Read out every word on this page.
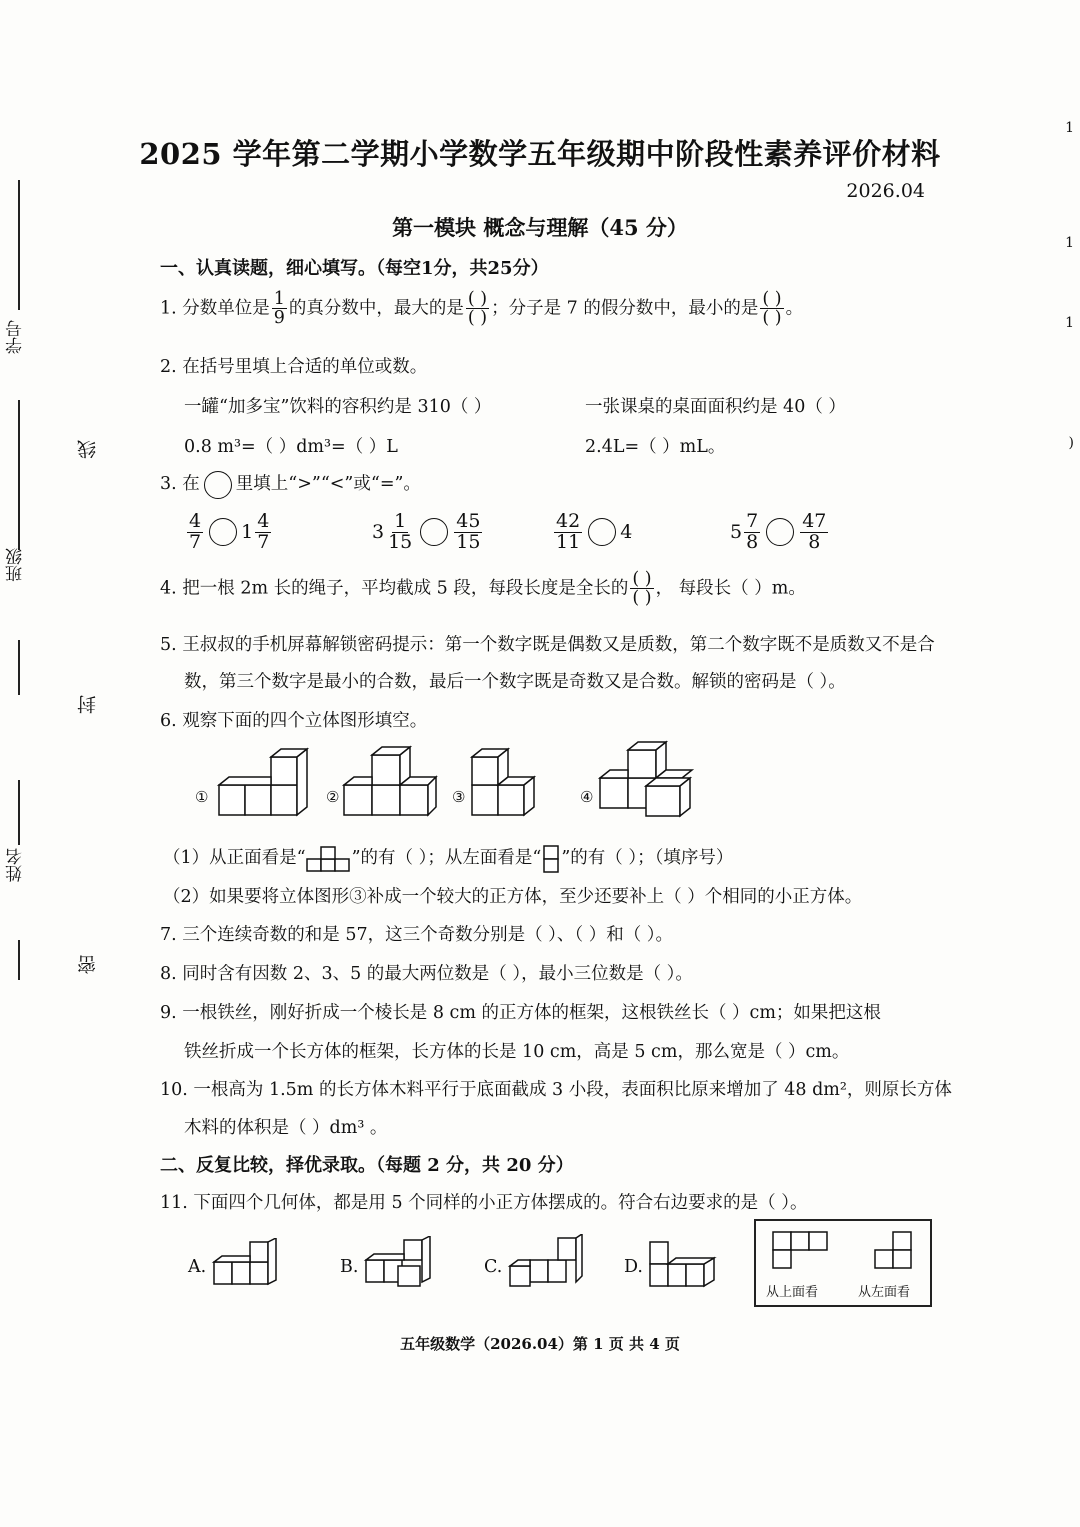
学号
班级
姓名
线
封
密
1
1
1
)
2025 学年第二学期小学数学五年级期中阶段性素养评价材料
2026.04
第一模块 概念与理解（45 分）
一、认真读题，细心填写。（每空1分，共25分）
1. 分数单位是 $\frac{1}{9}$ 的真分数中，最大的是 $\frac{( )}{( )}$ ；分子是 7 的假分数中，最小的是 $\frac{( )}{( )}$ 。
2. 在括号里填上合适的单位或数。
一罐“加多宝”饮料的容积约是 310（ ）	一张课桌的桌面面积约是 40（ ）
0.8 m³=（ ）dm³=（ ）L	2.4L=（ ）mL。
3. 在 里填上“>”“<”或“=”。
$\frac{4}{7} 1 \frac{4}{7}$	$3 \frac{1}{15} \frac{45}{15}$	$\frac{42}{11} 4$	$5 \frac{7}{8} \frac{47}{8}$
4. 把一根 2m 长的绳子，平均截成 5 段，每段长度是全长的 $\frac{( )}{( )}$ ， 每段长（ ）m。
5. 王叔叔的手机屏幕解锁密码提示：第一个数字既是偶数又是质数，第二个数字既不是质数又不是合
数，第三个数字是最小的合数，最后一个数字既是奇数又是合数。解锁的密码是（ ）。
6. 观察下面的四个立体图形填空。
①	②	③	④
（1）从正面看是“	”的有（ ）；从左面看是“ ”的有（ ）；（填序号）
（2）如果要将立体图形③补成一个较大的正方体，至少还要补上（ ）个相同的小正方体。
7. 三个连续奇数的和是 57，这三个奇数分别是（ ）、（ ）和（ ）。
8. 同时含有因数 2、3、5 的最大两位数是（ ），最小三位数是（ ）。
9. 一根铁丝，刚好折成一个棱长是 8 cm 的正方体的框架，这根铁丝长（ ）cm；如果把这根
铁丝折成一个长方体的框架，长方体的长是 10 cm，高是 5 cm，那么宽是（ ）cm。
10. 一根高为 1.5m 的长方体木料平行于底面截成 3 小段，表面积比原来增加了 48 dm²，则原长方体
木料的体积是（ ）dm³ 。
二、反复比较，择优录取。（每题 2 分，共 20 分）
11. 下面四个几何体，都是用 5 个同样的小正方体摆成的。符合右边要求的是（ ）。
A.	B.	C.	D.
从上面看	从左面看
五年级数学（2026.04）第 1 页 共 4 页
